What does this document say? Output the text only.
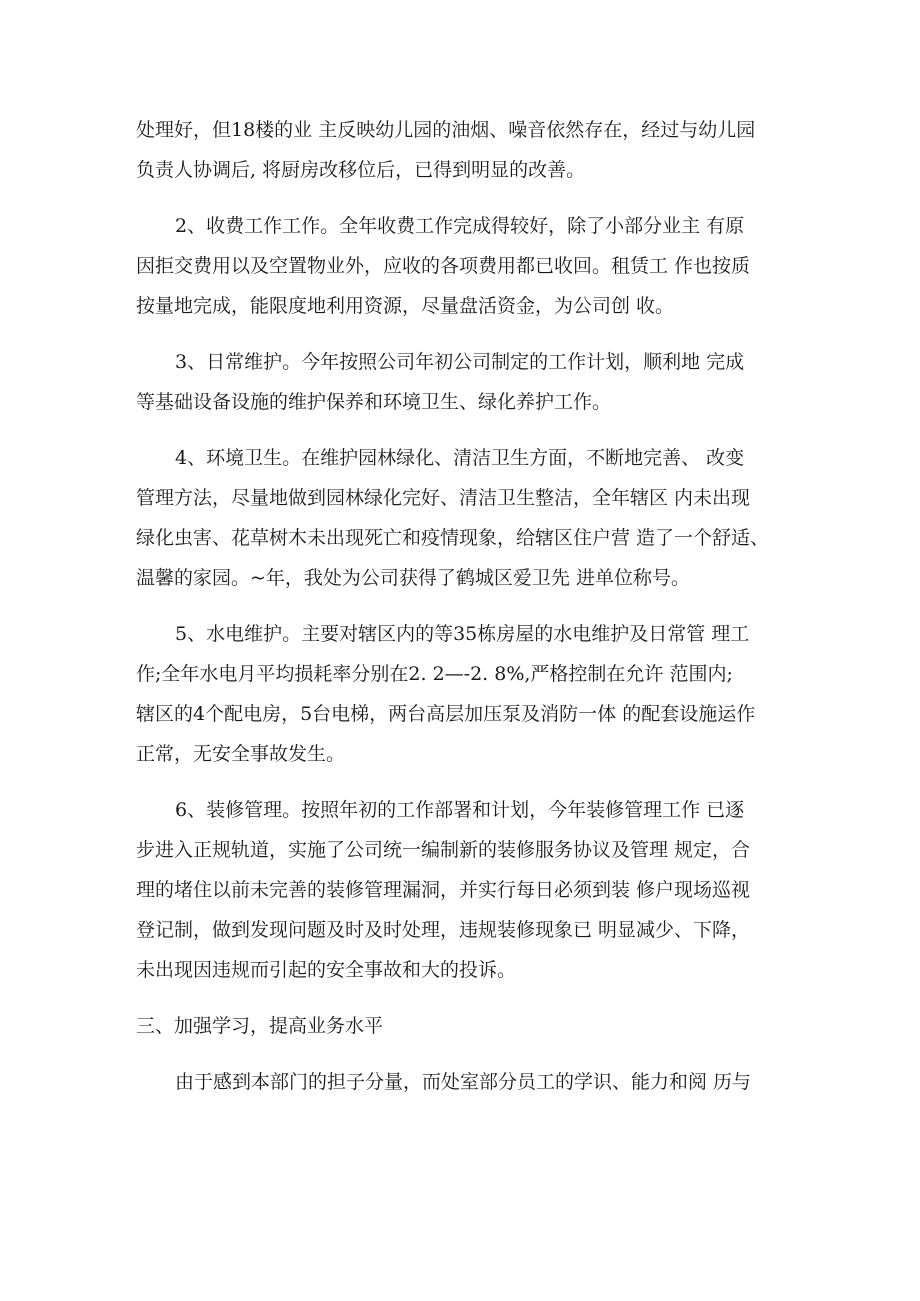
处理好，但18楼的业 主反映幼儿园的油烟、噪音依然存在，经过与幼儿园
负责人协调后, 将厨房改移位后，已得到明显的改善。
2、收费工作工作。全年收费工作完成得较好，除了小部分业主 有原
因拒交费用以及空置物业外，应收的各项费用都已收回。租赁工 作也按质
按量地完成，能限度地利用资源，尽量盘活资金，为公司创 收。
3、日常维护。今年按照公司年初公司制定的工作计划，顺利地 完成
等基础设备设施的维护保养和环境卫生、绿化养护工作。
4、环境卫生。在维护园林绿化、清洁卫生方面，不断地完善、 改变
管理方法，尽量地做到园林绿化完好、清洁卫生整洁，全年辖区 内未出现
绿化虫害、花草树木未出现死亡和疫情现象，给辖区住户营 造了一个舒适、
温馨的家园。~年，我处为公司获得了鹤城区爱卫先 进单位称号。
5、水电维护。主要对辖区内的等35栋房屋的水电维护及日常管 理工
作;全年水电月平均损耗率分别在2. 2—-2. 8%,严格控制在允许 范围内;
辖区的4个配电房，5台电梯，两台高层加压泵及消防一体 的配套设施运作
正常，无安全事故发生。
6、装修管理。按照年初的工作部署和计划，今年装修管理工作 已逐
步进入正规轨道，实施了公司统一编制新的装修服务协议及管理 规定，合
理的堵住以前未完善的装修管理漏洞，并实行每日必须到装 修户现场巡视
登记制，做到发现问题及时及时处理，违规装修现象已 明显减少、下降，
未出现因违规而引起的安全事故和大的投诉。
三、加强学习，提高业务水平
由于感到本部门的担子分量，而处室部分员工的学识、能力和阅 历与
